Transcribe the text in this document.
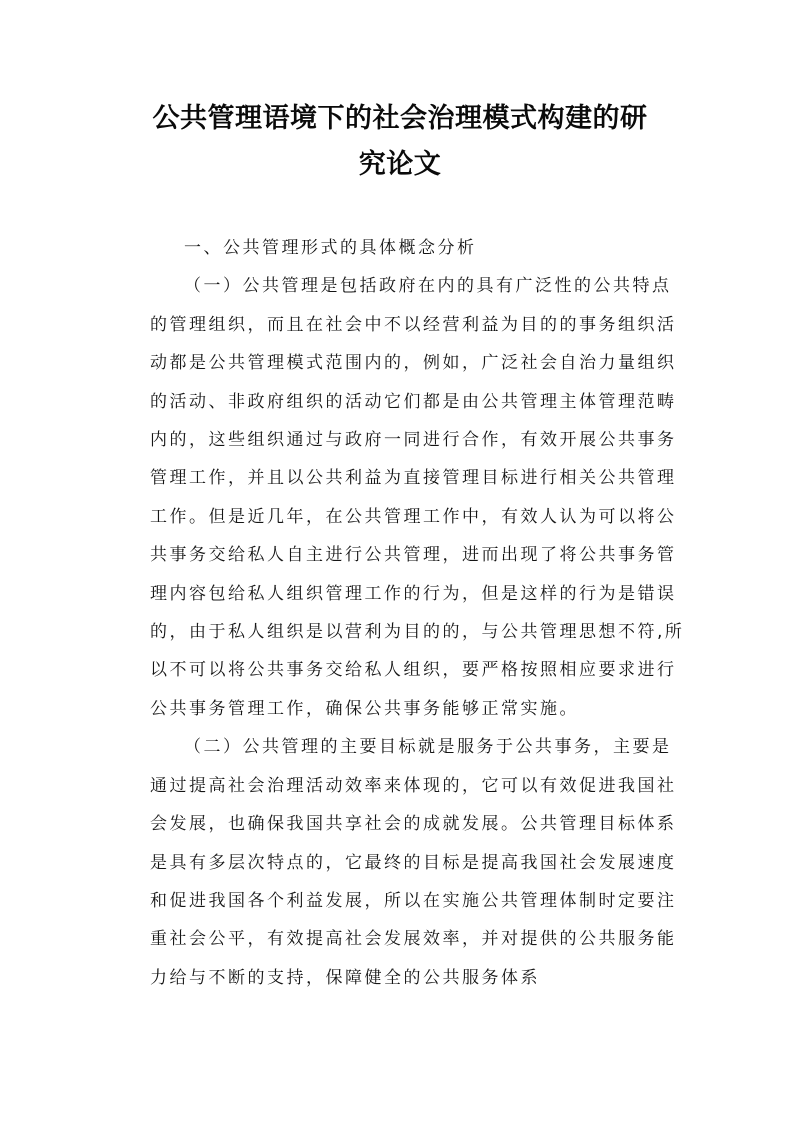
公共管理语境下的社会治理模式构建的研
究论文

一、公共管理形式的具体概念分析

（一）公共管理是包括政府在内的具有广泛性的公共特点的管理组织，而且在社会中不以经营利益为目的的事务组织活动都是公共管理模式范围内的，例如，广泛社会自治力量组织的活动、非政府组织的活动它们都是由公共管理主体管理范畴内的，这些组织通过与政府一同进行合作，有效开展公共事务管理工作，并且以公共利益为直接管理目标进行相关公共管理工作。但是近几年，在公共管理工作中，有效人认为可以将公共事务交给私人自主进行公共管理，进而出现了将公共事务管理内容包给私人组织管理工作的行为，但是这样的行为是错误的，由于私人组织是以营利为目的的，与公共管理思想不符,所以不可以将公共事务交给私人组织，要严格按照相应要求进行公共事务管理工作，确保公共事务能够正常实施。

（二）公共管理的主要目标就是服务于公共事务，主要是通过提高社会治理活动效率来体现的，它可以有效促进我国社会发展，也确保我国共享社会的成就发展。公共管理目标体系是具有多层次特点的，它最终的目标是提高我国社会发展速度和促进我国各个利益发展，所以在实施公共管理体制时定要注重社会公平，有效提高社会发展效率，并对提供的公共服务能力给与不断的支持，保障健全的公共服务体系
